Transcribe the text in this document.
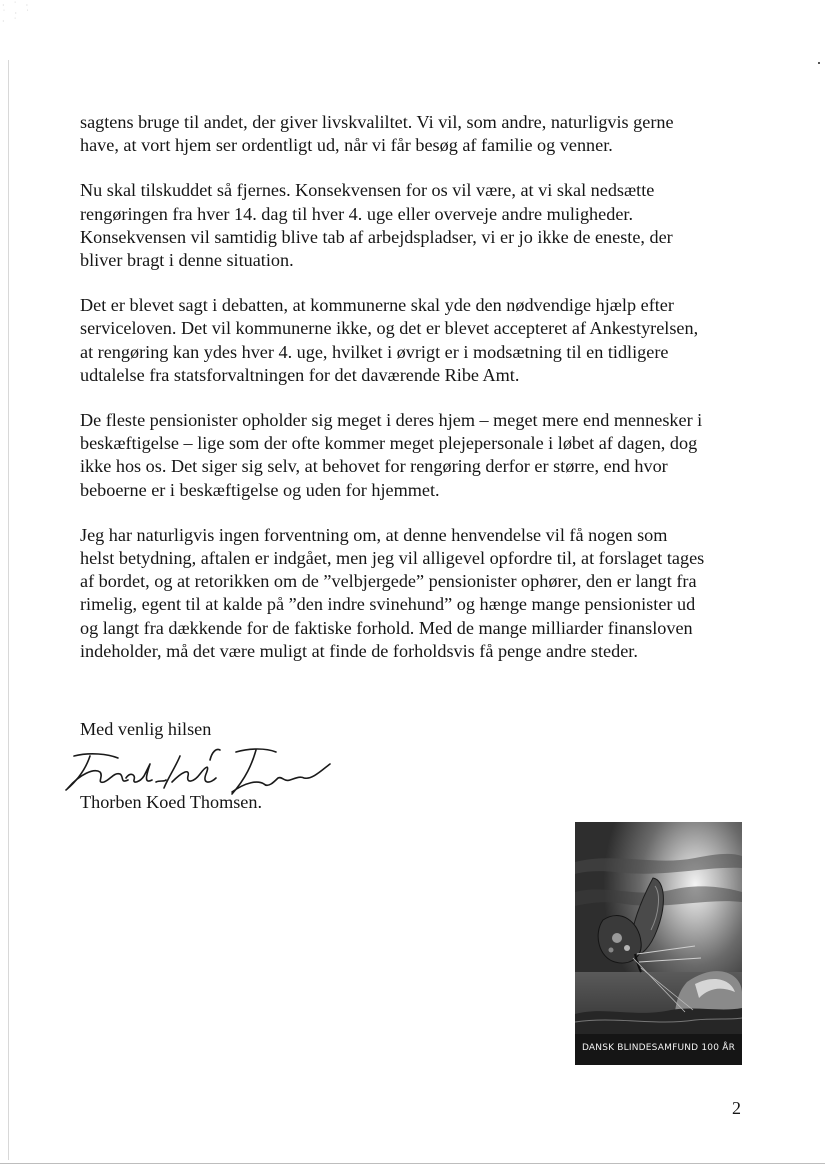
· ˙ ·
˙ · ˙
· ˙

sagtens bruge til andet, der giver livskvaliltet. Vi vil, som andre, naturligvis gerne
have, at vort hjem ser ordentligt ud, når vi får besøg af familie og venner.

Nu skal tilskuddet så fjernes. Konsekvensen for os vil være, at vi skal nedsætte
rengøringen fra hver 14. dag til hver 4. uge eller overveje andre muligheder.
Konsekvensen vil samtidig blive tab af arbejdspladser, vi er jo ikke de eneste, der
bliver bragt i denne situation.

Det er blevet sagt i debatten, at kommunerne skal yde den nødvendige hjælp efter
serviceloven. Det vil kommunerne ikke, og det er blevet accepteret af Ankestyrelsen,
at rengøring kan ydes hver 4. uge, hvilket i øvrigt er i modsætning til en tidligere
udtalelse fra statsforvaltningen for det daværende Ribe Amt.

De fleste pensionister opholder sig meget i deres hjem – meget mere end mennesker i
beskæftigelse – lige som der ofte kommer meget plejepersonale i løbet af dagen, dog
ikke hos os. Det siger sig selv, at behovet for rengøring derfor er større, end hvor
beboerne er i beskæftigelse og uden for hjemmet.

Jeg har naturligvis ingen forventning om, at denne henvendelse vil få nogen som
helst betydning, aftalen er indgået, men jeg vil alligevel opfordre til, at forslaget tages
af bordet, og at retorikken om de ”velbjergede” pensionister ophører, den er langt fra
rimelig, egent til at kalde på ”den indre svinehund” og hænge mange pensionister ud
og langt fra dækkende for de faktiske forhold. Med de mange milliarder finansloven
indeholder, må det være muligt at finde de forholdsvis få penge andre steder.

Med venlig hilsen
Thorben Koed Thomsen.
DANSK BLINDESAMFUND 100 ÅR
2
